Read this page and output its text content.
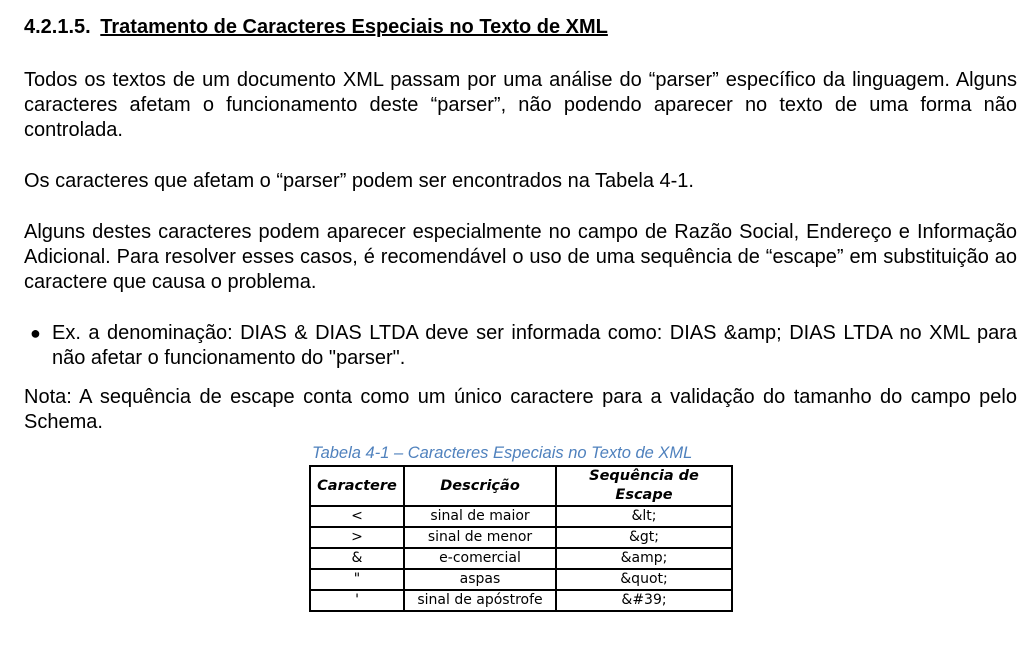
4.2.1.5. Tratamento de Caracteres Especiais no Texto de XML

Todos os textos de um documento XML passam por uma análise do “parser” específico da linguagem. Alguns caracteres afetam o funcionamento deste “parser”, não podendo aparecer no texto de uma forma não controlada.

Os caracteres que afetam o “parser” podem ser encontrados na Tabela 4-1.

Alguns destes caracteres podem aparecer especialmente no campo de Razão Social, Endereço e Informação Adicional. Para resolver esses casos, é recomendável o uso de uma sequência de “escape” em substituição ao caractere que causa o problema.

● Ex. a denominação: DIAS & DIAS LTDA deve ser informada como: DIAS &amp; DIAS LTDA no XML para não afetar o funcionamento do "parser".

Nota: A sequência de escape conta como um único caractere para a validação do tamanho do campo pelo Schema.

Tabela 4-1 – Caracteres Especiais no Texto de XML
Caractere	Descrição	Sequência de Escape
<	sinal de maior	&lt;
>	sinal de menor	&gt;
&	e-comercial	&amp;
"	aspas	&quot;
'	sinal de apóstrofe	&#39;
